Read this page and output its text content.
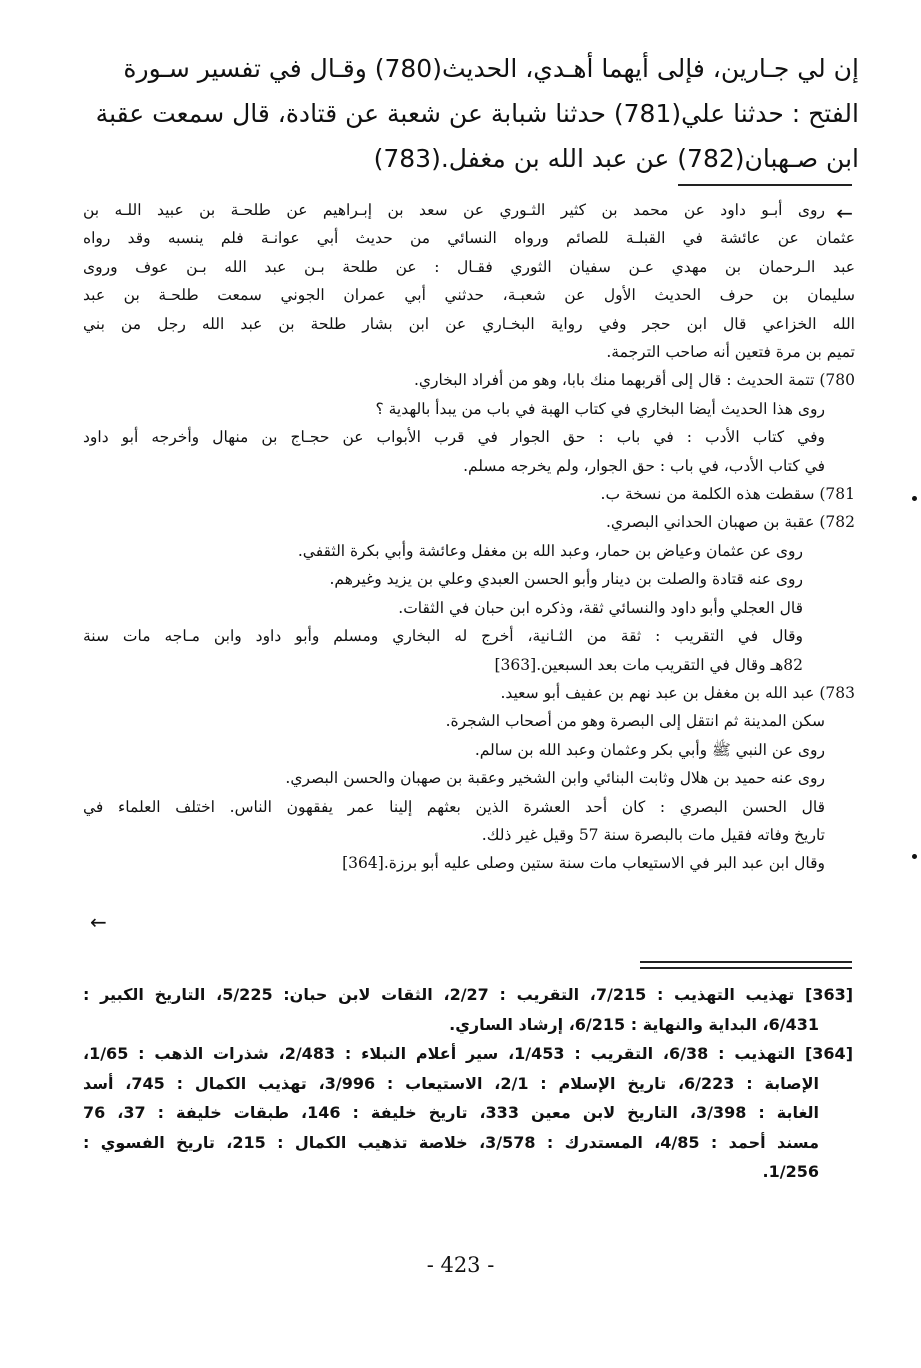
إن لي جـارين، فإلى أيهما أهـدي، الحديث(780) وقـال في تفسير سـورة

الفتح : حدثنا علي(781) حدثنا شبابة عن شعبة عن قتادة، قال سمعت عقبة

ابن صـهبان(782) عن عبد الله بن مغفل.(783)

←

روى أبـو داود عن محمد بن كثير الثـوري عن سعد بن إبـراهيم عن طلحـة بن عبيد اللـه بن

عثمان عن عائشة في القبلـة للصائم ورواه النسائي من حديث أبي عوانـة فلم ينسبه وقد رواه

عبد الـرحمان بن مهدي عـن سفيان الثوري فقـال : عن طلحة بـن عبد الله بـن عوف وروى

سليمان بن حرف الحديث الأول عن شعبـة، حدثني أبي عمران الجوني سمعت طلحـة بن عبد

الله الخزاعي قال ابن حجر وفي رواية البخـاري عن ابن بشار طلحة بن عبد الله رجل من بني

تميم بن مرة فتعين أنه صاحب الترجمة.

780) تتمة الحديث : قال إلى أقربهما منك بابا، وهو من أفراد البخاري.

روى هذا الحديث أيضا البخاري في كتاب الهبة في باب من يبدأ بالهدية ؟

وفي كتاب الأدب : في باب : حق الجوار في قرب الأبواب عن حجـاج بن منهال وأخرجه أبو داود

في كتاب الأدب، في باب : حق الجوار، ولم يخرجه مسلم.

781) سقطت هذه الكلمة من نسخة ب.

782) عقبة بن صهبان الحداني البصري.

روى عن عثمان وعياض بن حمار، وعبد الله بن مغفل وعائشة وأبي بكرة الثقفي.

روى عنه قتادة والصلت بن دينار وأبو الحسن العبدي وعلي بن يزيد وغيرهم.

قال العجلي وأبو داود والنسائي ثقة، وذكره ابن حبان في الثقات.

وقال في التقريب : ثقة من الثـانية، أخرج له البخاري ومسلم وأبو داود وابن مـاجه مات سنة

82هـ وقال في التقريب مات بعد السبعين.[363]

783) عبد الله بن مغفل بن عبد نهم بن عفيف أبو سعيد.

سكن المدينة ثم انتقل إلى البصرة وهو من أصحاب الشجرة.

روى عن النبي ﷺ وأبي بكر وعثمان وعبد الله بن سالم.

روى عنه حميد بن هلال وثابت البنائي وابن الشخير وعقبة بن صهبان والحسن البصري.

قال الحسن البصري : كان أحد العشرة الذين بعثهم إلينا عمر يفقهون الناس. اختلف العلماء في

تاريخ وفاته فقيل مات بالبصرة سنة 57 وقيل غير ذلك.

وقال ابن عبد البر في الاستيعاب مات سنة ستين وصلى عليه أبو برزة.[364]

←

[363] تهذيب التهذيب : 7/215، التقريب : 2/27، الثقات لابن حبان: 5/225، التاريخ الكبير :

6/431، البداية والنهاية : 6/215، إرشاد الساري.

[364] التهذيب : 6/38، التقريب : 1/453، سير أعلام النبلاء : 2/483، شذرات الذهب : 1/65،

الإصابة : 6/223، تاريخ الإسلام : 2/1، الاستيعاب : 3/996، تهذيب الكمال : 745، أسد

الغابة : 3/398، التاريخ لابن معين 333، تاريخ خليفة : 146، طبقات خليفة : 37، 76

مسند أحمد : 4/85، المستدرك : 3/578، خلاصة تذهيب الكمال : 215، تاريخ الفسوي :

1/256.

- 423 -
